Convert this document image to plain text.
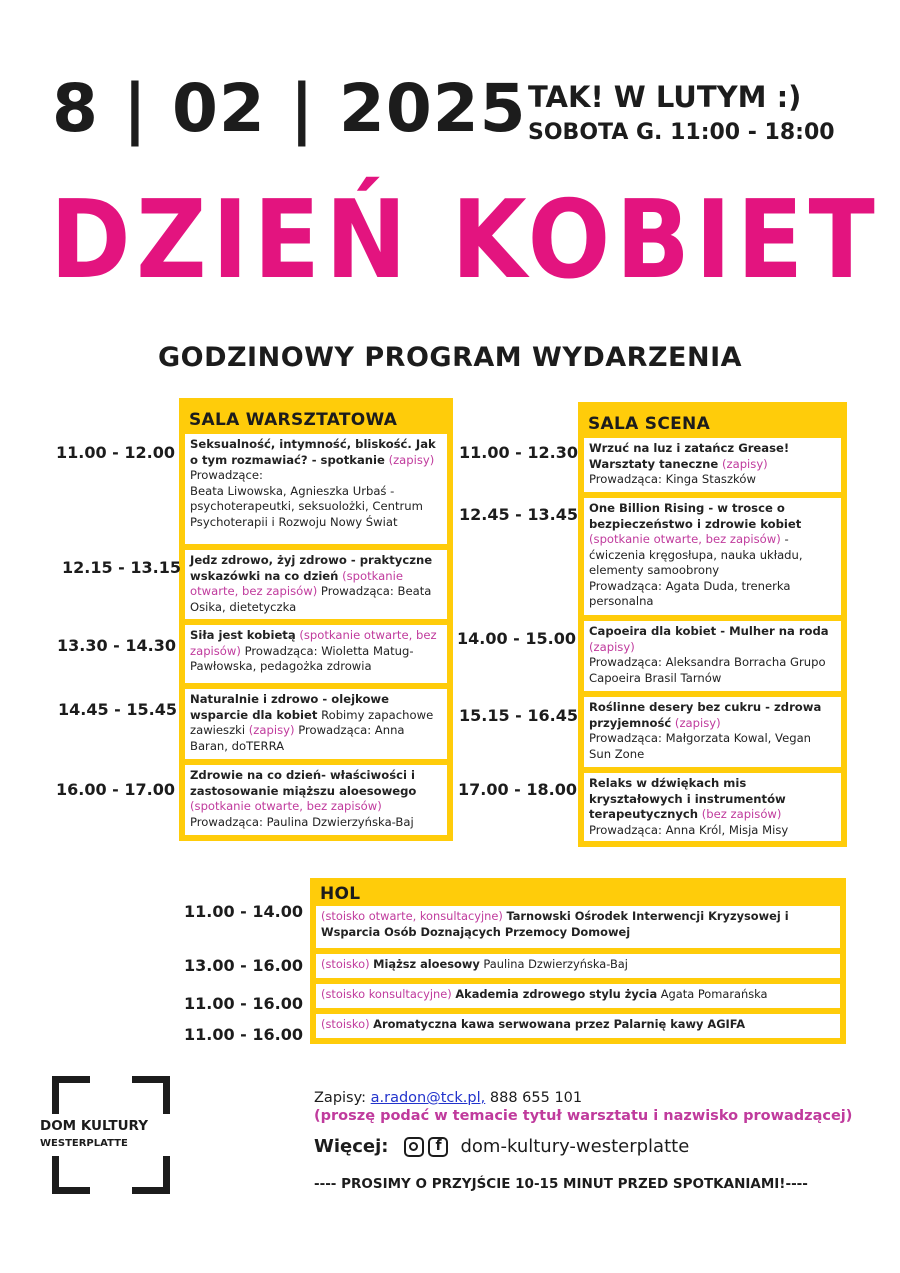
8 | 02 | 2025 TAK! W LUTYM :)
SOBOTA G. 11:00 - 18:00
DZIEŃ KOBIET
GODZINOWY PROGRAM WYDARZENIA
SALA WARSZTATOWA
Seksualność, intymność, bliskość. Jak o tym rozmawiać? - spotkanie (zapisy)
Prowadzące:
Beata Liwowska, Agnieszka Urbaś - psychoterapeutki, seksuolożki, Centrum Psychoterapii i Rozwoju Nowy Świat
Jedz zdrowo, żyj zdrowo - praktyczne wskazówki na co dzień (spotkanie otwarte, bez zapisów) Prowadząca: Beata Osika, dietetyczka
Siła jest kobietą (spotkanie otwarte, bez zapisów) Prowadząca: Wioletta Matug-Pawłowska, pedagożka zdrowia
Naturalnie i zdrowo - olejkowe wsparcie dla kobiet Robimy zapachowe zawieszki (zapisy) Prowadząca: Anna Baran, doTERRA
Zdrowie na co dzień- właściwości i zastosowanie miąższu aloesowego (spotkanie otwarte, bez zapisów)
Prowadząca: Paulina Dzwierzyńska-Baj
11.00 - 12.00
12.15 - 13.15
13.30 - 14.30
14.45 - 15.45
16.00 - 17.00
SALA SCENA
Wrzuć na luz i zatańcz Grease! Warsztaty taneczne (zapisy)
Prowadząca: Kinga Staszków
One Billion Rising - w trosce o bezpieczeństwo i zdrowie kobiet (spotkanie otwarte, bez zapisów) - ćwiczenia kręgosłupa, nauka układu, elementy samoobrony
Prowadząca: Agata Duda, trenerka personalna
Capoeira dla kobiet - Mulher na roda (zapisy)
Prowadząca: Aleksandra Borracha Grupo Capoeira Brasil Tarnów
Roślinne desery bez cukru - zdrowa przyjemność (zapisy)
Prowadząca: Małgorzata Kowal, Vegan Sun Zone
Relaks w dźwiękach mis kryształowych i instrumentów terapeutycznych (bez zapisów)
Prowadząca: Anna Król, Misja Misy
11.00 - 12.30
12.45 - 13.45
14.00 - 15.00
15.15 - 16.45
17.00 - 18.00
HOL
(stoisko otwarte, konsultacyjne) Tarnowski Ośrodek Interwencji Kryzysowej i Wsparcia Osób Doznających Przemocy Domowej
(stoisko) Miąższ aloesowy Paulina Dzwierzyńska-Baj
(stoisko konsultacyjne) Akademia zdrowego stylu życia Agata Pomarańska
(stoisko) Aromatyczna kawa serwowana przez Palarnię kawy AGIFA
11.00 - 14.00
13.00 - 16.00
11.00 - 16.00
11.00 - 16.00
DOM KULTURY
WESTERPLATTE
Zapisy: a.radon@tck.pl, 888 655 101
(proszę podać w temacie tytuł warsztatu i nazwisko prowadzącej)
Więcej:	f	dom-kultury-westerplatte
---- PROSIMY O PRZYJŚCIE 10-15 MINUT PRZED SPOTKANIAMI!----
